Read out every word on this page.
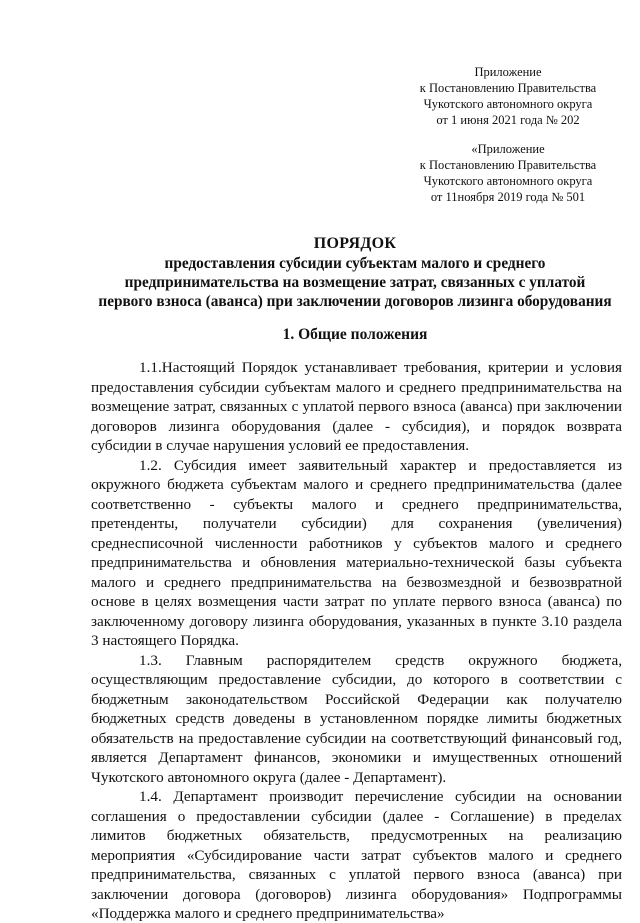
Приложение
к Постановлению Правительства
Чукотского автономного округа
от 1 июня 2021 года № 202
«Приложение
к Постановлению Правительства
Чукотского автономного округа
от 11ноября 2019 года № 501
ПОРЯДОК
предоставления субсидии субъектам малого и среднего
предпринимательства на возмещение затрат, связанных с уплатой
первого взноса (аванса) при заключении договоров лизинга оборудования
1. Общие положения

1.1.Настоящий Порядок устанавливает требования, критерии и условия предоставления субсидии субъектам малого и среднего предпринимательства на возмещение затрат, связанных с уплатой первого взноса (аванса) при заключении договоров лизинга оборудования (далее - субсидия), и порядок возврата субсидии в случае нарушения условий ее предоставления.

1.2. Субсидия имеет заявительный характер и предоставляется из окружного бюджета субъектам малого и среднего предпринимательства (далее соответственно - субъекты малого и среднего предпринимательства, претенденты, получатели субсидии) для сохранения (увеличения) среднесписочной численности работников у субъектов малого и среднего предпринимательства и обновления материально-технической базы субъекта малого и среднего предпринимательства на безвозмездной и безвозвратной основе в целях возмещения части затрат по уплате первого взноса (аванса) по заключенному договору лизинга оборудования, указанных в пункте 3.10 раздела 3 настоящего Порядка.

1.3. Главным распорядителем средств окружного бюджета, осуществляющим предоставление субсидии, до которого в соответствии с бюджетным законодательством Российской Федерации как получателю бюджетных средств доведены в установленном порядке лимиты бюджетных обязательств на предоставление субсидии на соответствующий финансовый год, является Департамент финансов, экономики и имущественных отношений Чукотского автономного округа (далее - Департамент).

1.4. Департамент производит перечисление субсидии на основании соглашения о предоставлении субсидии (далее - Соглашение) в пределах лимитов бюджетных обязательств, предусмотренных на реализацию мероприятия «Субсидирование части затрат субъектов малого и среднего предпринимательства, связанных с уплатой первого взноса (аванса) при заключении договора (договоров) лизинга оборудования» Подпрограммы «Поддержка малого и среднего предпринимательства»
